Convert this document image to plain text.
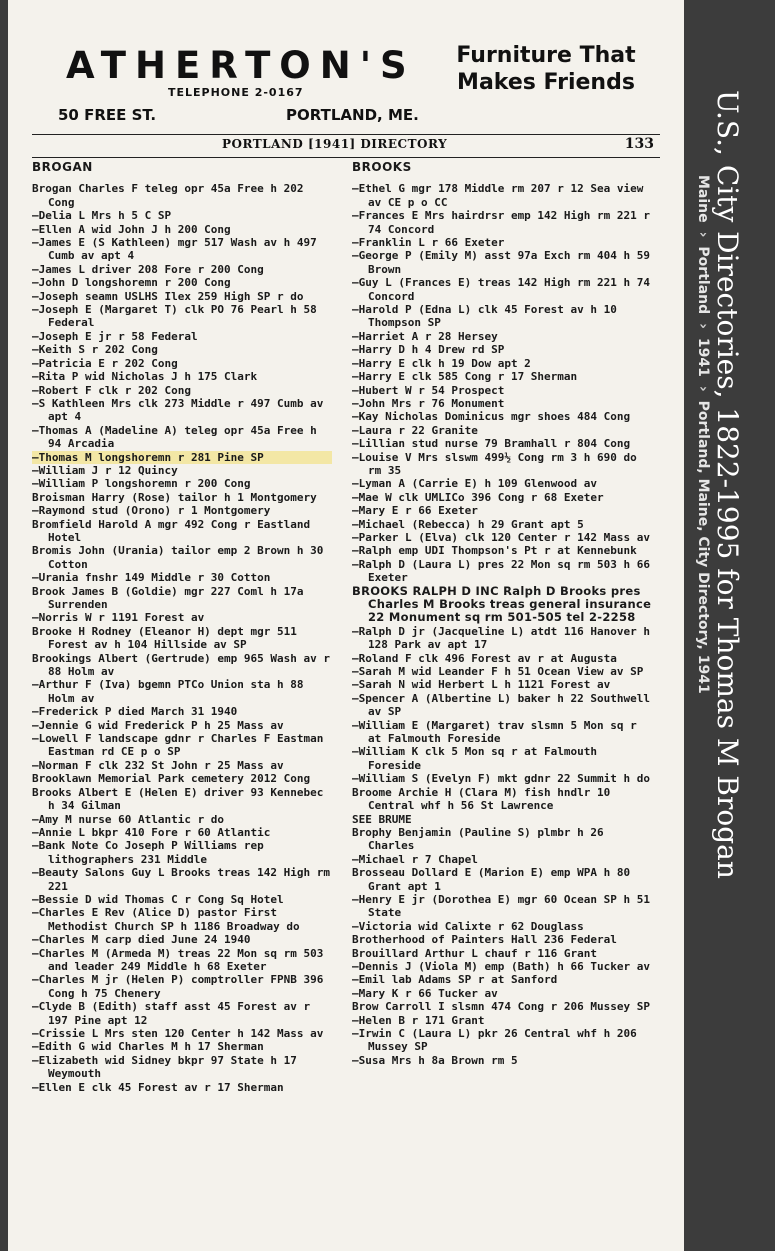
ATHERTON'S
TELEPHONE 2-0167
50 FREE ST.	PORTLAND, ME.
Furniture That Makes Friends
PORTLAND [1941] DIRECTORY	133
BROGAN
Brogan Charles F teleg opr 45a Free h 202 Cong
—Delia L Mrs h 5 C SP
—Ellen A wid John J h 200 Cong
—James E (S Kathleen) mgr 517 Wash av h 497 Cumb av apt 4
—James L driver 208 Fore r 200 Cong
—John D longshoremn r 200 Cong
—Joseph seamn USLHS Ilex 259 High SP r do
—Joseph E (Margaret T) clk PO 76 Pearl h 58 Federal
—Joseph E jr r 58 Federal
—Keith S r 202 Cong
—Patricia E r 202 Cong
—Rita P wid Nicholas J h 175 Clark
—Robert F clk r 202 Cong
—S Kathleen Mrs clk 273 Middle r 497 Cumb av apt 4
—Thomas A (Madeline A) teleg opr 45a Free h 94 Arcadia
—Thomas M longshoremn r 281 Pine SP
—William J r 12 Quincy
—William P longshoremn r 200 Cong
Broisman Harry (Rose) tailor h 1 Montgomery
—Raymond stud (Orono) r 1 Montgomery
Bromfield Harold A mgr 492 Cong r Eastland Hotel
Bromis John (Urania) tailor emp 2 Brown h 30 Cotton
—Urania fnshr 149 Middle r 30 Cotton
Brook James B (Goldie) mgr 227 Coml h 17a Surrenden
—Norris W r 1191 Forest av
Brooke H Rodney (Eleanor H) dept mgr 511 Forest av h 104 Hillside av SP
Brookings Albert (Gertrude) emp 965 Wash av r 88 Holm av
—Arthur F (Iva) bgemn PTCo Union sta h 88 Holm av
—Frederick P died March 31 1940
—Jennie G wid Frederick P h 25 Mass av
—Lowell F landscape gdnr r Charles F Eastman Eastman rd CE p o SP
—Norman F clk 232 St John r 25 Mass av
Brooklawn Memorial Park cemetery 2012 Cong
Brooks Albert E (Helen E) driver 93 Kennebec h 34 Gilman
—Amy M nurse 60 Atlantic r do
—Annie L bkpr 410 Fore r 60 Atlantic
—Bank Note Co Joseph P Williams rep lithographers 231 Middle
—Beauty Salons Guy L Brooks treas 142 High rm 221
—Bessie D wid Thomas C r Cong Sq Hotel
—Charles E Rev (Alice D) pastor First Methodist Church SP h 1186 Broadway do
—Charles M carp died June 24 1940
—Charles M (Armeda M) treas 22 Mon sq rm 503 and leader 249 Middle h 68 Exeter
—Charles M jr (Helen P) comptroller FPNB 396 Cong h 75 Chenery
—Clyde B (Edith) staff asst 45 Forest av r 197 Pine apt 12
—Crissie L Mrs sten 120 Center h 142 Mass av
—Edith G wid Charles M h 17 Sherman
—Elizabeth wid Sidney bkpr 97 State h 17 Weymouth
—Ellen E clk 45 Forest av r 17 Sherman
BROOKS
—Ethel G mgr 178 Middle rm 207 r 12 Sea view av CE p o CC
—Frances E Mrs hairdrsr emp 142 High rm 221 r 74 Concord
—Franklin L r 66 Exeter
—George P (Emily M) asst 97a Exch rm 404 h 59 Brown
—Guy L (Frances E) treas 142 High rm 221 h 74 Concord
—Harold P (Edna L) clk 45 Forest av h 10 Thompson SP
—Harriet A r 28 Hersey
—Harry D h 4 Drew rd SP
—Harry E clk h 19 Dow apt 2
—Harry E clk 585 Cong r 17 Sherman
—Hubert W r 54 Prospect
—John Mrs r 76 Monument
—Kay Nicholas Dominicus mgr shoes 484 Cong
—Laura r 22 Granite
—Lillian stud nurse 79 Bramhall r 804 Cong
—Louise V Mrs slswm 499½ Cong rm 3 h 690 do rm 35
—Lyman A (Carrie E) h 109 Glenwood av
—Mae W clk UMLICo 396 Cong r 68 Exeter
—Mary E r 66 Exeter
—Michael (Rebecca) h 29 Grant apt 5
—Parker L (Elva) clk 120 Center r 142 Mass av
—Ralph emp UDI Thompson's Pt r at Kennebunk
—Ralph D (Laura L) pres 22 Mon sq rm 503 h 66 Exeter
BROOKS RALPH D INC Ralph D Brooks pres Charles M Brooks treas general insurance 22 Monument sq rm 501-505 tel 2-2258
—Ralph D jr (Jacqueline L) atdt 116 Hanover h 128 Park av apt 17
—Roland F clk 496 Forest av r at Augusta
—Sarah M wid Leander F h 51 Ocean View av SP
—Sarah N wid Herbert L h 1121 Forest av
—Spencer A (Albertine L) baker h 22 Southwell av SP
—William E (Margaret) trav slsmn 5 Mon sq r at Falmouth Foreside
—William K clk 5 Mon sq r at Falmouth Foreside
—William S (Evelyn F) mkt gdnr 22 Summit h do
Broome Archie H (Clara M) fish hndlr 10 Central whf h 56 St Lawrence
SEE BRUME
Brophy Benjamin (Pauline S) plmbr h 26 Charles
—Michael r 7 Chapel
Brosseau Dollard E (Marion E) emp WPA h 80 Grant apt 1
—Henry E jr (Dorothea E) mgr 60 Ocean SP h 51 State
—Victoria wid Calixte r 62 Douglass
Brotherhood of Painters Hall 236 Federal
Brouillard Arthur L chauf r 116 Grant
—Dennis J (Viola M) emp (Bath) h 66 Tucker av
—Emil lab Adams SP r at Sanford
—Mary K r 66 Tucker av
Brow Carroll I slsmn 474 Cong r 206 Mussey SP
—Helen B r 171 Grant
—Irwin C (Laura L) pkr 26 Central whf h 206 Mussey SP
—Susa Mrs h 8a Brown rm 5
U.S., City Directories, 1822-1995 for Thomas M Brogan
Maine›Portland›1941›Portland, Maine, City Directory, 1941
